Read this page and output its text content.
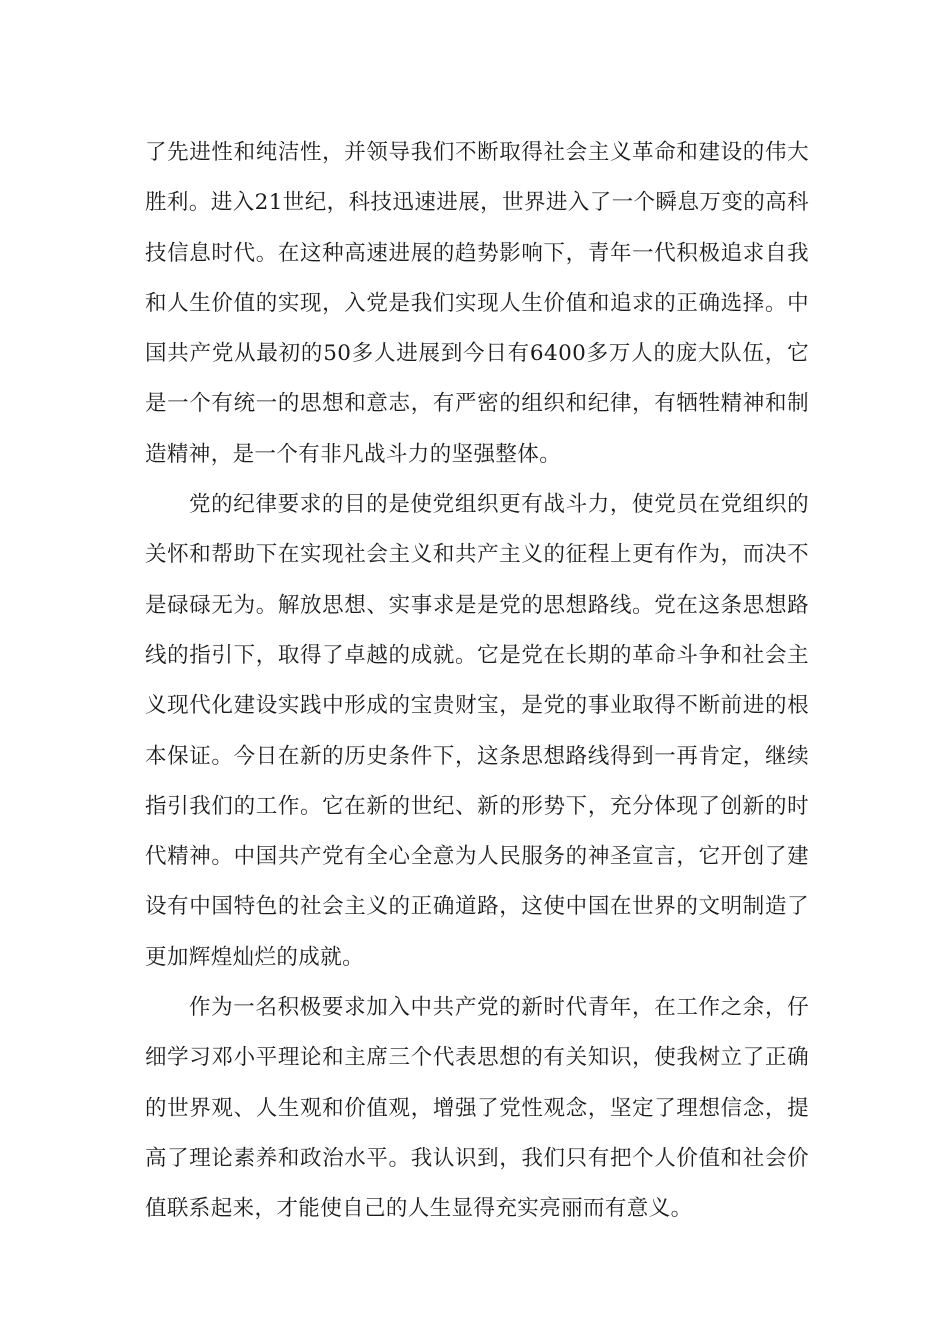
了先进性和纯洁性，并领导我们不断取得社会主义革命和建设的伟大胜利。进入21世纪，科技迅速进展，世界进入了一个瞬息万变的高科技信息时代。在这种高速进展的趋势影响下，青年一代积极追求自我和人生价值的实现，入党是我们实现人生价值和追求的正确选择。中国共产党从最初的50多人进展到今日有6400多万人的庞大队伍，它是一个有统一的思想和意志，有严密的组织和纪律，有牺牲精神和制造精神，是一个有非凡战斗力的坚强整体。

党的纪律要求的目的是使党组织更有战斗力，使党员在党组织的关怀和帮助下在实现社会主义和共产主义的征程上更有作为，而决不是碌碌无为。解放思想、实事求是是党的思想路线。党在这条思想路线的指引下，取得了卓越的成就。它是党在长期的革命斗争和社会主义现代化建设实践中形成的宝贵财宝，是党的事业取得不断前进的根本保证。今日在新的历史条件下，这条思想路线得到一再肯定，继续指引我们的工作。它在新的世纪、新的形势下，充分体现了创新的时代精神。中国共产党有全心全意为人民服务的神圣宣言，它开创了建设有中国特色的社会主义的正确道路，这使中国在世界的文明制造了更加辉煌灿烂的成就。

作为一名积极要求加入中共产党的新时代青年，在工作之余，仔细学习邓小平理论和主席三个代表思想的有关知识，使我树立了正确的世界观、人生观和价值观，增强了党性观念，坚定了理想信念，提高了理论素养和政治水平。我认识到，我们只有把个人价值和社会价值联系起来，才能使自己的人生显得充实亮丽而有意义。
